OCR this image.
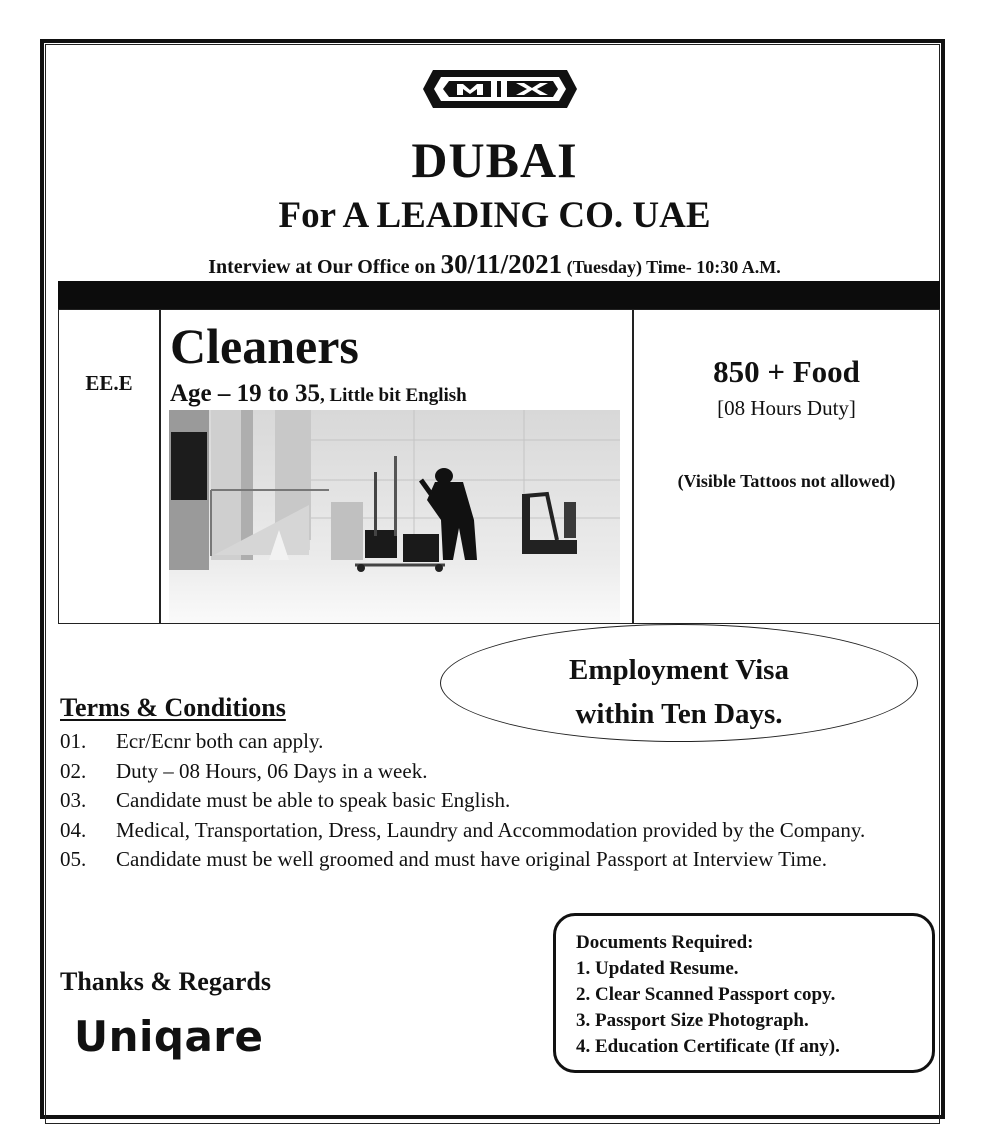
DUBAI
For A LEADING CO. UAE
Interview at Our Office on 30/11/2021 (Tuesday) Time- 10:30 A.M.
EE.E
Cleaners
Age – 19 to 35, Little bit English
850 + Food
[08 Hours Duty]
(Visible Tattoos not allowed)
Employment Visa
within Ten Days.
Terms & Conditions

01. Ecr/Ecnr both can apply.

02. Duty – 08 Hours, 06 Days in a week.

03. Candidate must be able to speak basic English.

04. Medical, Transportation, Dress, Laundry and Accommodation provided by the Company.

05. Candidate must be well groomed and must have original Passport at Interview Time.

Thanks & Regards
Uniqare
Documents Required:
1. Updated Resume.
2. Clear Scanned Passport copy.
3. Passport Size Photograph.
4. Education Certificate (If any).
